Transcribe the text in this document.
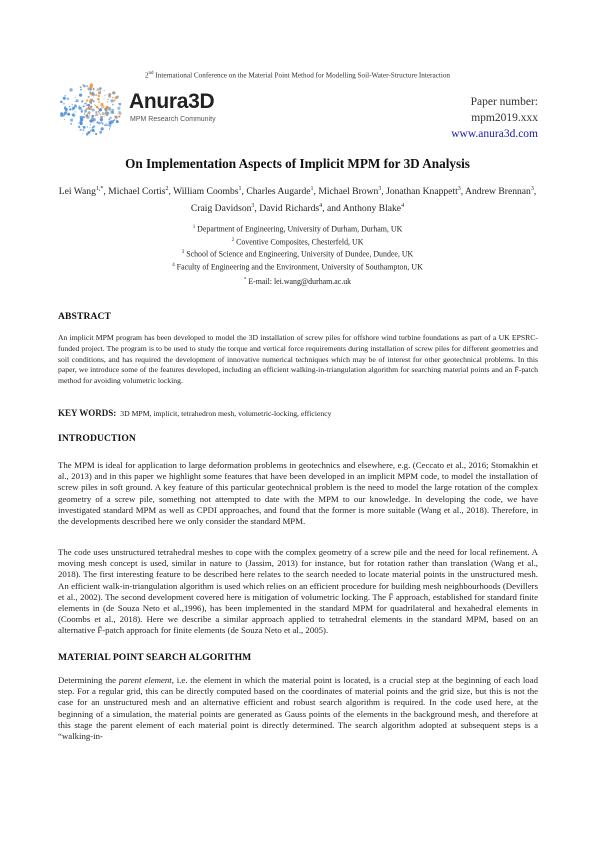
2nd International Conference on the Material Point Method for Modelling Soil-Water-Structure Interaction
Anura3D
MPM Research Community
Paper number:
mpm2019.xxx
www.anura3d.com
On Implementation Aspects of Implicit MPM for 3D Analysis
Lei Wang$^{1,*}$, Michael Cortis$^2$, William Coombs$^1$, Charles Augarde$^1$, Michael Brown$^3$, Jonathan Knappett$^3$, Andrew Brennan$^3$, Craig Davidson$^3$, David Richards$^4$, and Anthony Blake$^4$
$^1$ Department of Engineering, University of Durham, Durham, UK
$^2$ Coventive Composites, Chesterfeld, UK
$^3$ School of Science and Engineering, University of Dundee, Dundee, UK
$^4$ Faculty of Engineering and the Environment, University of Southampton, UK
* E-mail: lei.wang@durham.ac.uk
ABSTRACT
An implicit MPM program has been developed to model the 3D installation of screw piles for offshore wind turbine foundations as part of a UK EPSRC-funded project. The program is to be used to study the torque and vertical force requirements during installation of screw piles for different geometries and soil conditions, and has required the development of innovative numerical techniques which may be of interest for other geotechnical problems. In this paper, we introduce some of the features developed, including an efficient walking-in-triangulation algorithm for searching material points and an F̄-patch method for avoiding volumetric locking.
KEY WORDS: 3D MPM, implicit, tetrahedron mesh, volumetric-locking, efficiency
INTRODUCTION
The MPM is ideal for application to large deformation problems in geotechnics and elsewhere, e.g. (Ceccato et al., 2016; Stomakhin et al., 2013) and in this paper we highlight some features that have been developed in an implicit MPM code, to model the installation of screw piles in soft ground. A key feature of this particular geotechnical problem is the need to model the large rotation of the complex geometry of a screw pile, something not attempted to date with the MPM to our knowledge. In developing the code, we have investigated standard MPM as well as CPDI approaches, and found that the former is more suitable (Wang et al., 2018). Therefore, in the developments described here we only consider the standard MPM.
The code uses unstructured tetrahedral meshes to cope with the complex geometry of a screw pile and the need for local refinement. A moving mesh concept is used, similar in nature to (Jassim, 2013) for instance, but for rotation rather than translation (Wang et al., 2018). The first interesting feature to be described here relates to the search needed to locate material points in the unstructured mesh. An efficient walk-in-triangulation algorithm is used which relies on an efficient procedure for building mesh neighbourhoods (Devillers et al., 2002). The second development covered here is mitigation of volumetric locking. The F̄ approach, established for standard finite elements in (de Souza Neto et al.,1996), has been implemented in the standard MPM for quadrilateral and hexahedral elements in (Coombs et al., 2018). Here we describe a similar approach applied to tetrahedral elements in the standard MPM, based on an alternative F̄-patch approach for finite elements (de Souza Neto et al., 2005).
MATERIAL POINT SEARCH ALGORITHM
Determining the parent element, i.e. the element in which the material point is located, is a crucial step at the beginning of each load step. For a regular grid, this can be directly computed based on the coordinates of material points and the grid size, but this is not the case for an unstructured mesh and an alternative efficient and robust search algorithm is required. In the code used here, at the beginning of a simulation, the material points are generated as Gauss points of the elements in the background mesh, and therefore at this stage the parent element of each material point is directly determined. The search algorithm adopted at subsequent steps is a “walking-in-
